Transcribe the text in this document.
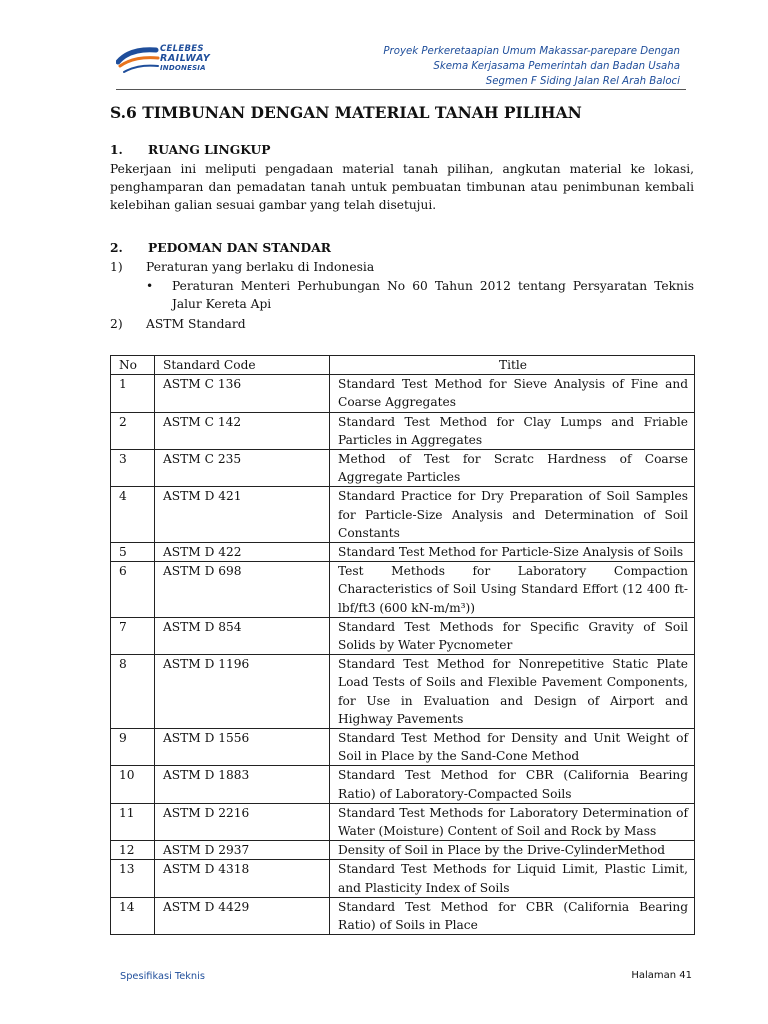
CELEBES
RAILWAY
INDONESIA
Proyek Perkeretaapian Umum Makassar-parepare Dengan
Skema Kerjasama Pemerintah dan Badan Usaha
Segmen F Siding Jalan Rel Arah Baloci
S.6 TIMBUNAN DENGAN MATERIAL TANAH PILIHAN
1. RUANG LINGKUP

Pekerjaan ini meliputi pengadaan material tanah pilihan, angkutan material ke lokasi, penghamparan dan pemadatan tanah untuk pembuatan timbunan atau penimbunan kembali kelebihan galian sesuai gambar yang telah disetujui.

2. PEDOMAN DAN STANDAR
1) Peraturan yang berlaku di Indonesia
• Peraturan Menteri Perhubungan No 60 Tahun 2012 tentang Persyaratan Teknis Jalur Kereta Api
2) ASTM Standard
No	Standard Code	Title
1	ASTM C 136	Standard Test Method for Sieve Analysis of Fine and Coarse Aggregates
2	ASTM C 142	Standard Test Method for Clay Lumps and Friable Particles in Aggregates
3	ASTM C 235	Method of Test for Scratc Hardness of Coarse Aggregate Particles
4	ASTM D 421	Standard Practice for Dry Preparation of Soil Samples for Particle-Size Analysis and Determination of Soil Constants
5	ASTM D 422	Standard Test Method for Particle-Size Analysis of Soils
6	ASTM D 698	Test Methods for Laboratory Compaction Characteristics of Soil Using Standard Effort (12 400 ft-lbf/ft3 (600 kN-m/m³))
7	ASTM D 854	Standard Test Methods for Specific Gravity of Soil Solids by Water Pycnometer
8	ASTM D 1196	Standard Test Method for Nonrepetitive Static Plate Load Tests of Soils and Flexible Pavement Components, for Use in Evaluation and Design of Airport and Highway Pavements
9	ASTM D 1556	Standard Test Method for Density and Unit Weight of Soil in Place by the Sand-Cone Method
10	ASTM D 1883	Standard Test Method for CBR (California Bearing Ratio) of Laboratory-Compacted Soils
11	ASTM D 2216	Standard Test Methods for Laboratory Determination of Water (Moisture) Content of Soil and Rock by Mass
12	ASTM D 2937	Density of Soil in Place by the Drive-CylinderMethod
13	ASTM D 4318	Standard Test Methods for Liquid Limit, Plastic Limit, and Plasticity Index of Soils
14	ASTM D 4429	Standard Test Method for CBR (California Bearing Ratio) of Soils in Place
Spesifikasi Teknis	Halaman 41
